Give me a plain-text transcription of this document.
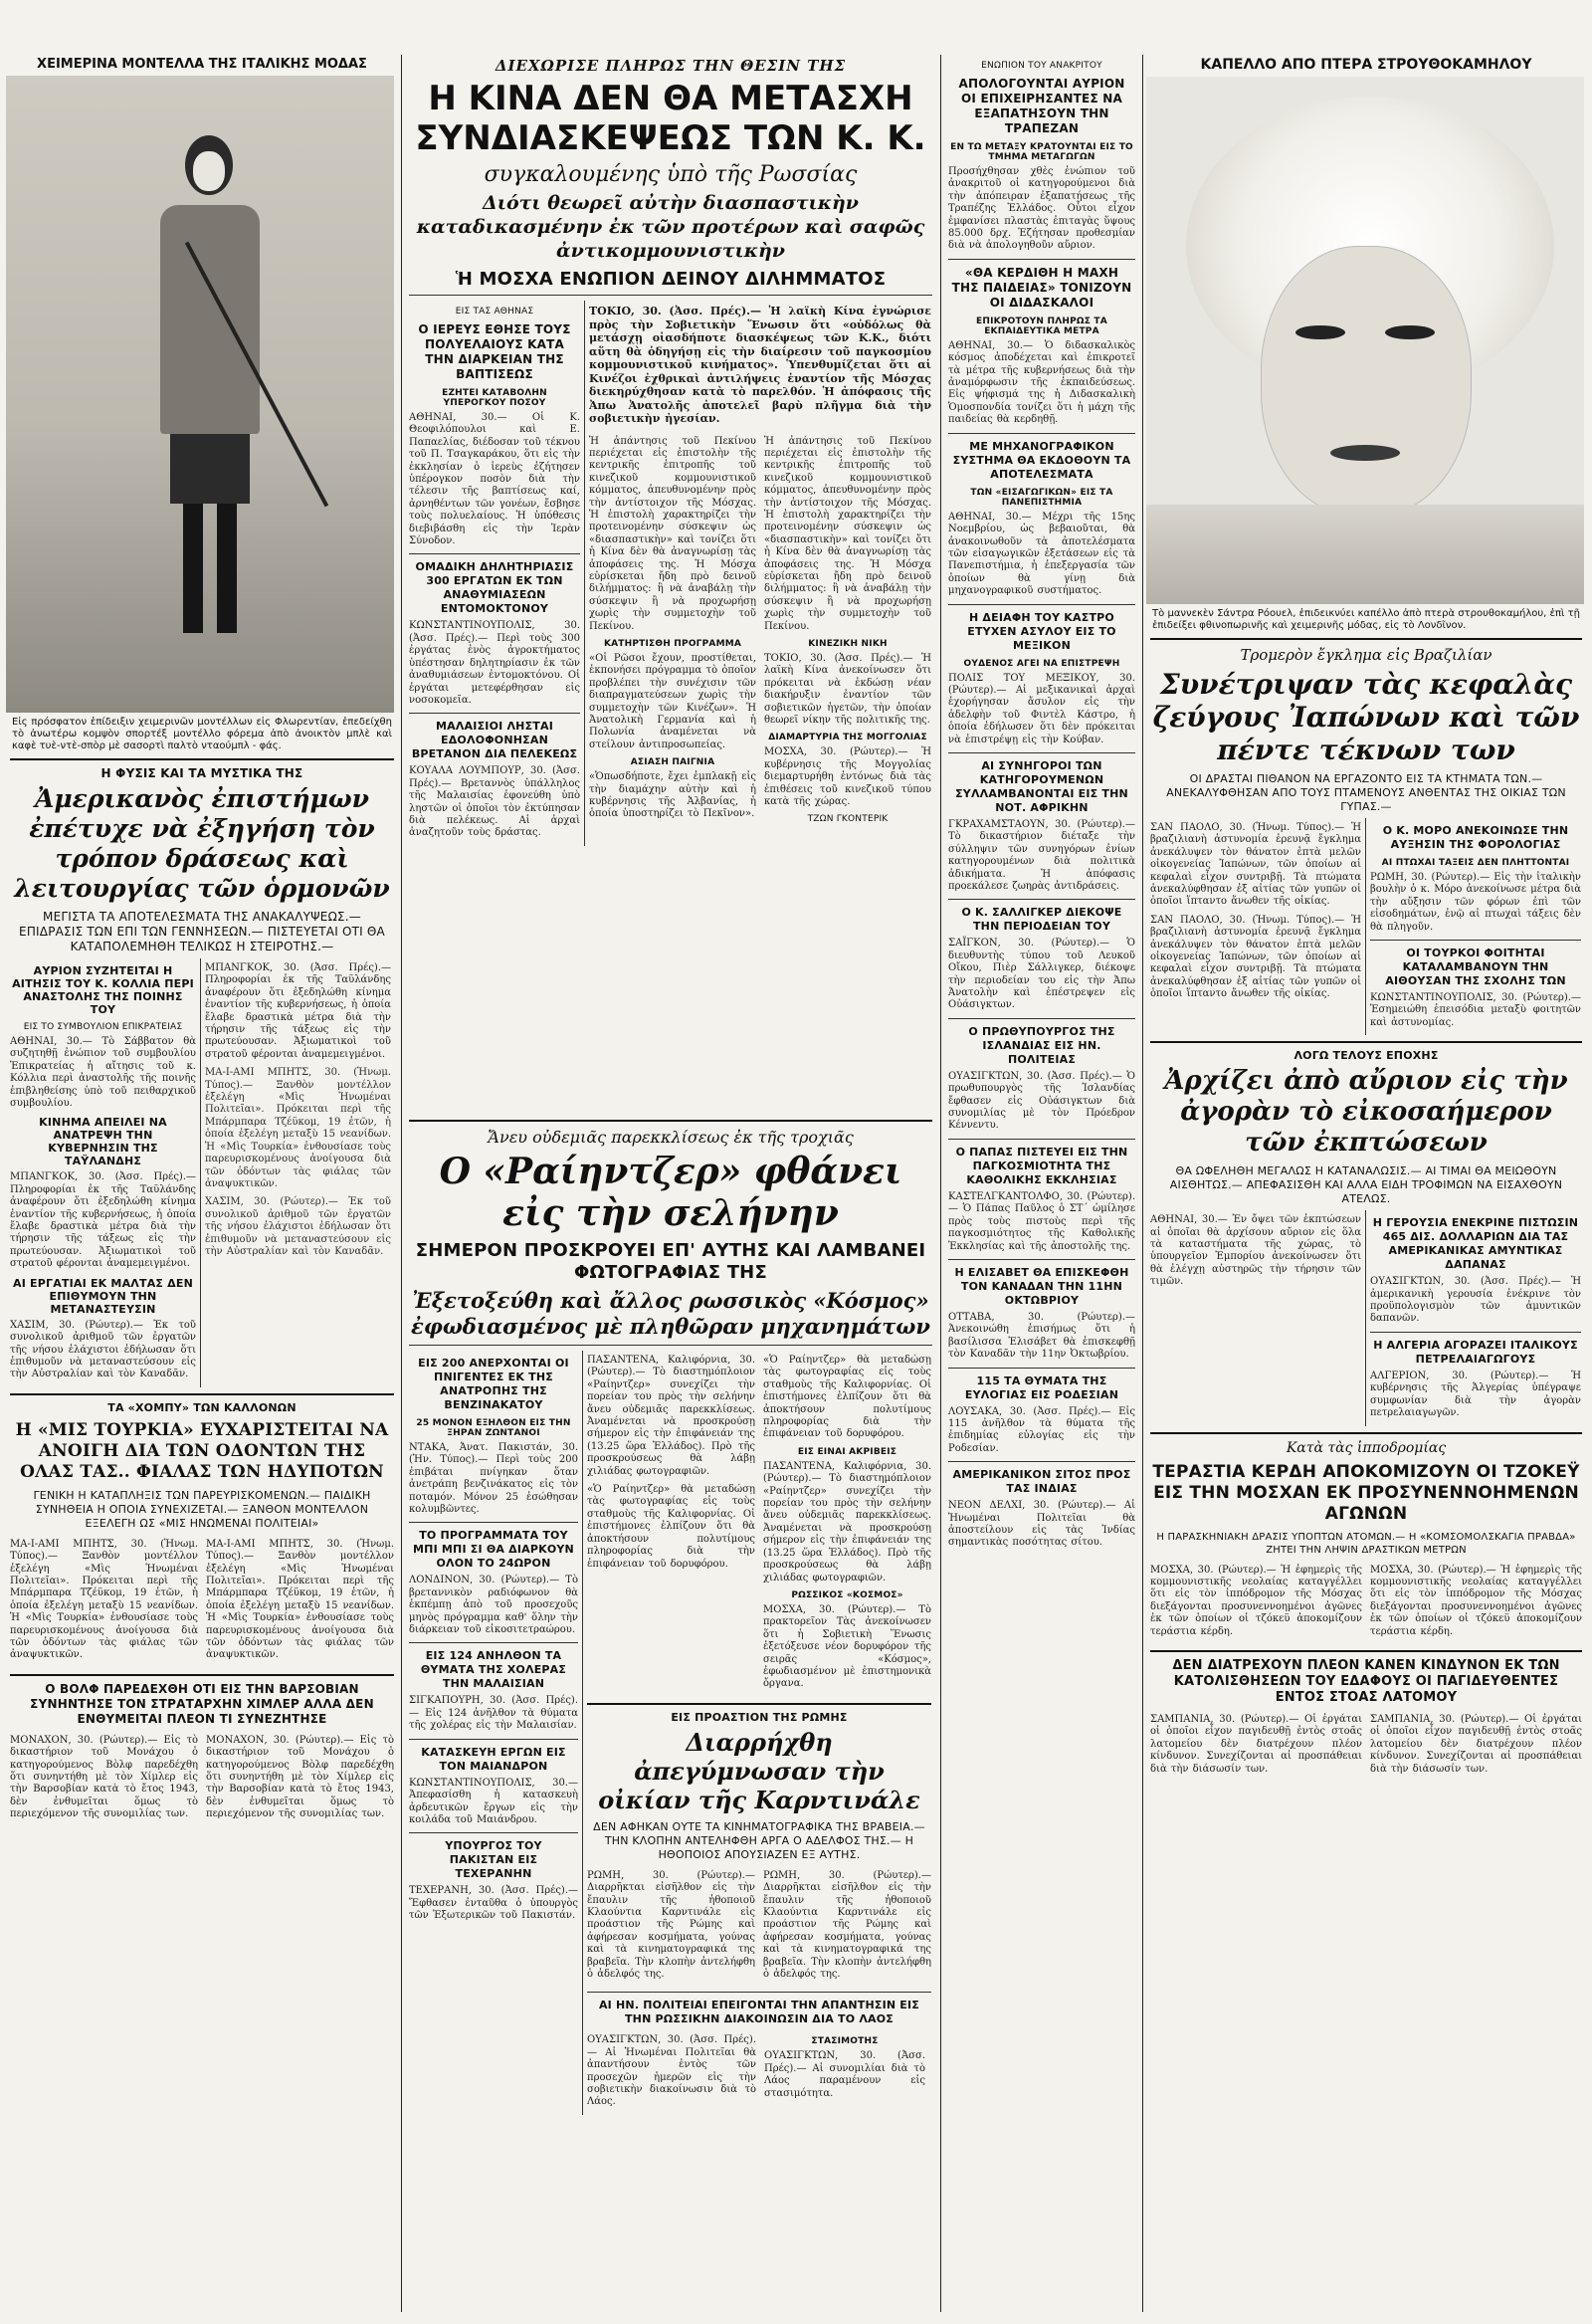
ΧΕΙΜΕΡΙΝΑ ΜΟΝΤΕΛΛΑ ΤΗΣ ΙΤΑΛΙΚΗΣ ΜΟΔΑΣ
Εἰς πρόσφατον ἐπίδειξιν χειμερινῶν μοντέλλων εἰς Φλωρεντίαν, ἐπεδείχθη τὸ ἀνωτέρω κομψὸν σπορτέξ μοντέλλο φόρεμα ἀπὸ ἀνοικτὸν μπλὲ καὶ καφὲ τυὲ-ντὲ-σπὸρ μὲ σασορτὶ παλτὸ νταούμπλ - φάς.
Η ΦΥΣΙΣ ΚΑΙ ΤΑ ΜΥΣΤΙΚΑ ΤΗΣ
Ἀμερικανὸς ἐπιστήμων ἐπέτυχε νὰ ἐξηγήση τὸν τρόπον δράσεως καὶ λειτουργίας τῶν ὁρμονῶν
ΜΕΓΙΣΤΑ ΤΑ ΑΠΟΤΕΛΕΣΜΑΤΑ ΤΗΣ ΑΝΑΚΑΛΥΨΕΩΣ.— ΕΠΙΔΡΑΣΙΣ ΤΩΝ ΕΠΙ ΤΩΝ ΓΕΝΝΗΣΕΩΝ.— ΠΙΣΤΕΥΕΤΑΙ ΟΤΙ ΘΑ ΚΑΤΑΠΟΛΕΜΗΘΗ ΤΕΛΙΚΩΣ Η ΣΤΕΙΡΟΤΗΣ.—
ΑΥΡΙΟΝ ΣΥΖΗΤΕΙΤΑΙ Η ΑΙΤΗΣΙΣ ΤΟΥ Κ. ΚΟΛΛΙΑ ΠΕΡΙ ΑΝΑΣΤΟΛΗΣ ΤΗΣ ΠΟΙΝΗΣ ΤΟΥ
ΕΙΣ ΤΟ ΣΥΜΒΟΥΛΙΟΝ ΕΠΙΚΡΑΤΕΙΑΣ

ΑΘΗΝΑΙ, 30.— Τὸ Σάββατον θὰ συζητηθῇ ἐνώπιον τοῦ συμβουλίου Ἐπικρατείας ἡ αἴτησις τοῦ κ. Κόλλια περὶ ἀναστολῆς τῆς ποινῆς ἐπιβληθείσης ὑπὸ τοῦ πειθαρχικοῦ συμβουλίου.

ΚΙΝΗΜΑ ΑΠΕΙΛΕΙ ΝΑ ΑΝΑΤΡΕΨΗ ΤΗΝ ΚΥΒΕΡΝΗΣΙΝ ΤΗΣ ΤΑΫΛΑΝΔΗΣ

ΜΠΑΝΓΚΟΚ, 30. (Ἀσσ. Πρές).— Πληροφορίαι ἐκ τῆς Ταϋλάνδης ἀναφέρουν ὅτι ἐξεδηλώθη κίνημα ἐναντίον τῆς κυβερνήσεως, ἡ ὁποία ἔλαβε δραστικὰ μέτρα διὰ τὴν τήρησιν τῆς τάξεως εἰς τὴν πρωτεύουσαν. Ἀξιωματικοὶ τοῦ στρατοῦ φέρονται ἀναμεμειγμένοι.

ΑΙ ΕΡΓΑΤΙΑΙ ΕΚ ΜΑΛΤΑΣ ΔΕΝ ΕΠΙΘΥΜΟΥΝ ΤΗΝ ΜΕΤΑΝΑΣΤΕΥΣΙΝ

ΧΑΣΙΜ, 30. (Ρώυτερ).— Ἐκ τοῦ συνολικοῦ ἀριθμοῦ τῶν ἐργατῶν τῆς νήσου ἐλάχιστοι ἐδήλωσαν ὅτι ἐπιθυμοῦν νὰ μεταναστεύσουν εἰς τὴν Αὐστραλίαν καὶ τὸν Καναδᾶν.

ΜΠΑΝΓΚΟΚ, 30. (Ἀσσ. Πρές).— Πληροφορίαι ἐκ τῆς Ταϋλάνδης ἀναφέρουν ὅτι ἐξεδηλώθη κίνημα ἐναντίον τῆς κυβερνήσεως, ἡ ὁποία ἔλαβε δραστικὰ μέτρα διὰ τὴν τήρησιν τῆς τάξεως εἰς τὴν πρωτεύουσαν. Ἀξιωματικοὶ τοῦ στρατοῦ φέρονται ἀναμεμειγμένοι.

ΜΑ-Ι-ΑΜΙ ΜΠΗΤΣ, 30. (Ἡνωμ. Τύπος).— Ξανθὸν μοντέλλον ἐξελέγη «Μὶς Ἡνωμέναι Πολιτεῖαι». Πρόκειται περὶ τῆς Μπάρμπαρα Τζέϋκομ, 19 ἐτῶν, ἡ ὁποία ἐξελέγη μεταξὺ 15 νεανίδων. Ἡ «Μὶς Τουρκία» ἐνθουσίασε τοὺς παρευρισκομένους ἀνοίγουσα διὰ τῶν ὀδόντων τὰς φιάλας τῶν ἀναψυκτικῶν.

ΧΑΣΙΜ, 30. (Ρώυτερ).— Ἐκ τοῦ συνολικοῦ ἀριθμοῦ τῶν ἐργατῶν τῆς νήσου ἐλάχιστοι ἐδήλωσαν ὅτι ἐπιθυμοῦν νὰ μεταναστεύσουν εἰς τὴν Αὐστραλίαν καὶ τὸν Καναδᾶν.

ΤΑ «ΧΟΜΠΥ» ΤΩΝ ΚΑΛΛΟΝΩΝ
Η «ΜΙΣ ΤΟΥΡΚΙΑ» ΕΥΧΑΡΙΣΤΕΙΤΑΙ ΝΑ ΑΝΟΙΓΗ ΔΙΑ ΤΩΝ ΟΔΟΝΤΩΝ ΤΗΣ ΟΛΑΣ ΤΑΣ.. ΦΙΑΛΑΣ ΤΩΝ ΗΔΥΠΟΤΩΝ
ΓΕΝΙΚΗ Η ΚΑΤΑΠΛΗΞΙΣ ΤΩΝ ΠΑΡΕΥΡΙΣΚΟΜΕΝΩΝ.— ΠΑΙΔΙΚΗ ΣΥΝΗΘΕΙΑ Η ΟΠΟΙΑ ΣΥΝΕΧΙΖΕΤΑΙ.— ΞΑΝΘΟΝ ΜΟΝΤΕΛΛΟΝ ΕΞΕΛΕΓΗ ΩΣ «ΜΙΣ ΗΝΩΜΕΝΑΙ ΠΟΛΙΤΕΙΑΙ»

ΜΑ-Ι-ΑΜΙ ΜΠΗΤΣ, 30. (Ἡνωμ. Τύπος).— Ξανθὸν μοντέλλον ἐξελέγη «Μὶς Ἡνωμέναι Πολιτεῖαι». Πρόκειται περὶ τῆς Μπάρμπαρα Τζέϋκομ, 19 ἐτῶν, ἡ ὁποία ἐξελέγη μεταξὺ 15 νεανίδων. Ἡ «Μὶς Τουρκία» ἐνθουσίασε τοὺς παρευρισκομένους ἀνοίγουσα διὰ τῶν ὀδόντων τὰς φιάλας τῶν ἀναψυκτικῶν.

ΜΑ-Ι-ΑΜΙ ΜΠΗΤΣ, 30. (Ἡνωμ. Τύπος).— Ξανθὸν μοντέλλον ἐξελέγη «Μὶς Ἡνωμέναι Πολιτεῖαι». Πρόκειται περὶ τῆς Μπάρμπαρα Τζέϋκομ, 19 ἐτῶν, ἡ ὁποία ἐξελέγη μεταξὺ 15 νεανίδων. Ἡ «Μὶς Τουρκία» ἐνθουσίασε τοὺς παρευρισκομένους ἀνοίγουσα διὰ τῶν ὀδόντων τὰς φιάλας τῶν ἀναψυκτικῶν.

Ο ΒΟΛΦ ΠΑΡΕΔΕΧΘΗ ΟΤΙ ΕΙΣ ΤΗΝ ΒΑΡΣΟΒΙΑΝ ΣΥΝΗΝΤΗΣΕ ΤΟΝ ΣΤΡΑΤΑΡΧΗΝ ΧΙΜΛΕΡ ΑΛΛΑ ΔΕΝ ΕΝΘΥΜΕΙΤΑΙ ΠΛΕΟΝ ΤΙ ΣΥΝΕΖΗΤΗΣΕ

ΜΟΝΑΧΟΝ, 30. (Ρώυτερ).— Εἰς τὸ δικαστήριον τοῦ Μονάχου ὁ κατηγορούμενος Βὸλφ παρεδέχθη ὅτι συνηντήθη μὲ τὸν Χίμλερ εἰς τὴν Βαρσοβίαν κατὰ τὸ ἔτος 1943, δὲν ἐνθυμεῖται ὅμως τὸ περιεχόμενον τῆς συνομιλίας των.

ΜΟΝΑΧΟΝ, 30. (Ρώυτερ).— Εἰς τὸ δικαστήριον τοῦ Μονάχου ὁ κατηγορούμενος Βὸλφ παρεδέχθη ὅτι συνηντήθη μὲ τὸν Χίμλερ εἰς τὴν Βαρσοβίαν κατὰ τὸ ἔτος 1943, δὲν ἐνθυμεῖται ὅμως τὸ περιεχόμενον τῆς συνομιλίας των.

ΔΙΕΧΩΡΙΣΕ ΠΛΗΡΩΣ ΤΗΝ ΘΕΣΙΝ ΤΗΣ
Η ΚΙΝΑ ΔΕΝ ΘΑ ΜΕΤΑΣΧΗ ΣΥΝΔΙΑΣΚΕΨΕΩΣ ΤΩΝ Κ. Κ.
συγκαλουμένης ὑπὸ τῆς Ρωσσίας
Διότι θεωρεῖ αὐτὴν διασπαστικὴν καταδικασμένην ἐκ τῶν προτέρων καὶ σαφῶς ἀντικομμουνιστικὴν
Ἡ ΜΟΣΧΑ ΕΝΩΠΙΟΝ ΔΕΙΝΟΥ ΔΙΛΗΜΜΑΤΟΣ
ΕΙΣ ΤΑΣ ΑΘΗΝΑΣ
Ο ΙΕΡΕΥΣ ΕΘΗΣΕ ΤΟΥΣ ΠΟΛΥΕΛΑΙΟΥΣ ΚΑΤΑ ΤΗΝ ΔΙΑΡΚΕΙΑΝ ΤΗΣ ΒΑΠΤΙΣΕΩΣ
ΕΖΗΤΕΙ ΚΑΤΑΒΟΛΗΝ ΥΠΕΡΟΓΚΟΥ ΠΟΣΟΥ

ΑΘΗΝΑΙ, 30.— Οἱ Κ. Θεοφιλόπουλοι καὶ Ε. Παπαελίας, διέδοσαν τοῦ τέκνου τοῦ Π. Τσαγκαράκου, ὅτι εἰς τὴν ἐκκλησίαν ὁ ἱερεὺς ἐζήτησεν ὑπέρογκον ποσὸν διὰ τὴν τέλεσιν τῆς βαπτίσεως καί, ἀρνηθέντων τῶν γονέων, ἔσβησε τοὺς πολυελαίους. Ἡ ὑπόθεσις διεβιβάσθη εἰς τὴν Ἱερὰν Σύνοδον.

ΟΜΑΔΙΚΗ ΔΗΛΗΤΗΡΙΑΣΙΣ 300 ΕΡΓΑΤΩΝ ΕΚ ΤΩΝ ΑΝΑΘΥΜΙΑΣΕΩΝ ΕΝΤΟΜΟΚΤΟΝΟΥ

ΚΩΝΣΤΑΝΤΙΝΟΥΠΟΛΙΣ, 30. (Ἀσσ. Πρές).— Περὶ τοὺς 300 ἐργάτας ἐνὸς ἀγροκτήματος ὑπέστησαν δηλητηρίασιν ἐκ τῶν ἀναθυμιάσεων ἐντομοκτόνου. Οἱ ἐργάται μετεφέρθησαν εἰς νοσοκομεῖα.

ΜΑΛΑΙΣΙΟΙ ΛΗΣΤΑΙ ΕΔΟΛΟΦΟΝΗΣΑΝ ΒΡΕΤΑΝΟΝ ΔΙΑ ΠΕΛΕΚΕΩΣ

ΚΟΥΑΛΑ ΛΟΥΜΠΟΥΡ, 30. (Ἀσσ. Πρές).— Βρεταννὸς ὑπάλληλος τῆς Μαλαισίας ἐφονεύθη ὑπὸ ληστῶν οἱ ὁποῖοι τὸν ἐκτύπησαν διὰ πελέκεως. Αἱ ἀρχαὶ ἀναζητοῦν τοὺς δράστας.

ΤΟΚΙΟ, 30. (Ἀσσ. Πρές).— Ἡ λαϊκὴ Κίνα ἐγνώρισε πρὸς τὴν Σοβιετικὴν Ἕνωσιν ὅτι «οὐδόλως θὰ μετάσχῃ οἱασδήποτε διασκέψεως τῶν Κ.Κ., διότι αὕτη θὰ ὁδηγήσῃ εἰς τὴν διαίρεσιν τοῦ παγκοσμίου κομμουνιστικοῦ κινήματος». Ὑπενθυμίζεται ὅτι αἱ Κινέζοι ἐχθρικαὶ ἀντιλήψεις ἐναντίον τῆς Μόσχας διεκηρύχθησαν κατὰ τὸ παρελθόν. Ἡ ἀπόφασις τῆς Ἀπω Ἀνατολῆς ἀποτελεῖ βαρὺ πλῆγμα διὰ τὴν σοβιετικὴν ἡγεσίαν.

Ἡ ἀπάντησις τοῦ Πεκίνου περιέχεται εἰς ἐπιστολὴν τῆς κεντρικῆς ἐπιτροπῆς τοῦ κινεζικοῦ κομμουνιστικοῦ κόμματος, ἀπευθυνομένην πρὸς τὴν ἀντίστοιχον τῆς Μόσχας. Ἡ ἐπιστολὴ χαρακτηρίζει τὴν προτεινομένην σύσκεψιν ὡς «διασπαστικὴν» καὶ τονίζει ὅτι ἡ Κίνα δὲν θὰ ἀναγνωρίσῃ τὰς ἀποφάσεις της. Ἡ Μόσχα εὑρίσκεται ἤδη πρὸ δεινοῦ διλήμματος: ἢ νὰ ἀναβάλῃ τὴν σύσκεψιν ἢ νὰ προχωρήσῃ χωρὶς τὴν συμμετοχὴν τοῦ Πεκίνου.

ΚΑΤΗΡΤΙΣΘΗ ΠΡΟΓΡΑΜΜΑ

«Οἱ Ρῶσοι ἔχουν, προστίθεται, ἐκπονήσει πρόγραμμα τὸ ὁποῖον προβλέπει τὴν συνέχισιν τῶν διαπραγματεύσεων χωρὶς τὴν συμμετοχὴν τῶν Κινέζων». Ἡ Ἀνατολικὴ Γερμανία καὶ ἡ Πολωνία ἀναμένεται νὰ στείλουν ἀντιπροσωπείας.

ΑΣΙΑΣΗ ΠΑΙΓΝΙΑ

«Ὁπωσδήποτε, ἔχει ἐμπλακῇ εἰς τὴν διαμάχην αὐτὴν καὶ ἡ κυβέρνησις τῆς Ἀλβανίας, ἡ ὁποία ὑποστηρίζει τὸ Πεκῖνον».

Ἡ ἀπάντησις τοῦ Πεκίνου περιέχεται εἰς ἐπιστολὴν τῆς κεντρικῆς ἐπιτροπῆς τοῦ κινεζικοῦ κομμουνιστικοῦ κόμματος, ἀπευθυνομένην πρὸς τὴν ἀντίστοιχον τῆς Μόσχας. Ἡ ἐπιστολὴ χαρακτηρίζει τὴν προτεινομένην σύσκεψιν ὡς «διασπαστικὴν» καὶ τονίζει ὅτι ἡ Κίνα δὲν θὰ ἀναγνωρίσῃ τὰς ἀποφάσεις της. Ἡ Μόσχα εὑρίσκεται ἤδη πρὸ δεινοῦ διλήμματος: ἢ νὰ ἀναβάλῃ τὴν σύσκεψιν ἢ νὰ προχωρήσῃ χωρὶς τὴν συμμετοχὴν τοῦ Πεκίνου.

ΚΙΝΕΖΙΚΗ ΝΙΚΗ

ΤΟΚΙΟ, 30. (Ἀσσ. Πρές).— Ἡ λαϊκὴ Κίνα ἀνεκοίνωσεν ὅτι πρόκειται νὰ ἐκδώσῃ νέαν διακήρυξιν ἐναντίον τῶν σοβιετικῶν ἡγετῶν, τὴν ὁποίαν θεωρεῖ νίκην τῆς πολιτικῆς της.

ΔΙΑΜΑΡΤΥΡΙΑ ΤΗΣ ΜΟΓΓΟΛΙΑΣ

ΜΟΣΧΑ, 30. (Ρώυτερ).— Ἡ κυβέρνησις τῆς Μογγολίας διεμαρτυρήθη ἐντόνως διὰ τὰς ἐπιθέσεις τοῦ κινεζικοῦ τύπου κατὰ τῆς χώρας.

ΤΖΩΝ ΓΚΟΝΤΕΡΙΚ
ΕΝΩΠΙΟΝ ΤΟΥ ΑΝΑΚΡΙΤΟΥ
ΑΠΟΛΟΓΟΥΝΤΑΙ ΑΥΡΙΟΝ ΟΙ ΕΠΙΧΕΙΡΗΣΑΝΤΕΣ ΝΑ ΕΞΑΠΑΤΗΣΟΥΝ ΤΗΝ ΤΡΑΠΕΖΑΝ
ΕΝ ΤΩ ΜΕΤΑΞΥ ΚΡΑΤΟΥΝΤΑΙ ΕΙΣ ΤΟ ΤΜΗΜΑ ΜΕΤΑΓΩΓΩΝ

Προσήχθησαν χθὲς ἐνώπιον τοῦ ἀνακριτοῦ οἱ κατηγορούμενοι διὰ τὴν ἀπόπειραν ἐξαπατήσεως τῆς Τραπέζης Ἑλλάδος. Οὗτοι εἶχον ἐμφανίσει πλαστὰς ἐπιταγὰς ὕψους 85.000 δρχ. Ἐζήτησαν προθεσμίαν διὰ νὰ ἀπολογηθοῦν αὔριον.

«ΘΑ ΚΕΡΔΙΘΗ Η ΜΑΧΗ ΤΗΣ ΠΑΙΔΕΙΑΣ» ΤΟΝΙΖΟΥΝ ΟΙ ΔΙΔΑΣΚΑΛΟΙ
ΕΠΙΚΡΟΤΟΥΝ ΠΛΗΡΩΣ ΤΑ ΕΚΠΑΙΔΕΥΤΙΚΑ ΜΕΤΡΑ

ΑΘΗΝΑΙ, 30.— Ὁ διδασκαλικὸς κόσμος ἀποδέχεται καὶ ἐπικροτεῖ τὰ μέτρα τῆς κυβερνήσεως διὰ τὴν ἀναμόρφωσιν τῆς ἐκπαιδεύσεως. Εἰς ψήφισμά της ἡ Διδασκαλικὴ Ὁμοσπονδία τονίζει ὅτι ἡ μάχη τῆς παιδείας θὰ κερδηθῇ.

ΜΕ ΜΗΧΑΝΟΓΡΑΦΙΚΟΝ ΣΥΣΤΗΜΑ ΘΑ ΕΚΔΟΘΟΥΝ ΤΑ ΑΠΟΤΕΛΕΣΜΑΤΑ
ΤΩΝ «ΕΙΣΑΓΩΓΙΚΩΝ» ΕΙΣ ΤΑ ΠΑΝΕΠΙΣΤΗΜΙΑ

ΑΘΗΝΑΙ, 30.— Μέχρι τῆς 15ης Νοεμβρίου, ὡς βεβαιοῦται, θὰ ἀνακοινωθοῦν τὰ ἀποτελέσματα τῶν εἰσαγωγικῶν ἐξετάσεων εἰς τὰ Πανεπιστήμια, ἡ ἐπεξεργασία τῶν ὁποίων θὰ γίνῃ διὰ μηχανογραφικοῦ συστήματος.

Η ΔΕΙΑΦΗ ΤΟΥ ΚΑΣΤΡΟ ΕΤΥΧΕΝ ΑΣΥΛΟΥ ΕΙΣ ΤΟ ΜΕΞΙΚΟΝ
ΟΥΔΕΝΟΣ ΑΓΕΙ ΝΑ ΕΠΙΣΤΡΕΨΗ

ΠΟΛΙΣ ΤΟΥ ΜΕΞΙΚΟΥ, 30. (Ρώυτερ).— Αἱ μεξικανικαὶ ἀρχαὶ ἐχορήγησαν ἄσυλον εἰς τὴν ἀδελφὴν τοῦ Φιντὲλ Κάστρο, ἡ ὁποία ἐδήλωσεν ὅτι δὲν πρόκειται νὰ ἐπιστρέψῃ εἰς τὴν Κούβαν.

ΑΙ ΣΥΝΗΓΟΡΟΙ ΤΩΝ ΚΑΤΗΓΟΡΟΥΜΕΝΩΝ ΣΥΛΛΑΜΒΑΝΟΝΤΑΙ ΕΙΣ ΤΗΝ ΝΟΤ. ΑΦΡΙΚΗΝ

ΓΚΡΑΧΑΜΣΤΑΟΥΝ, 30. (Ρώυτερ).— Τὸ δικαστήριον διέταξε τὴν σύλληψιν τῶν συνηγόρων ἐνίων κατηγορουμένων διὰ πολιτικὰ ἀδικήματα. Ἡ ἀπόφασις προεκάλεσε ζωηρὰς ἀντιδράσεις.

Ο Κ. ΣΑΛΛΙΓΚΕΡ ΔΙΕΚΟΨΕ ΤΗΝ ΠΕΡΙΟΔΕΙΑΝ ΤΟΥ

ΣΑΪΓΚΟΝ, 30. (Ρώυτερ).— Ὁ διευθυντὴς τύπου τοῦ Λευκοῦ Οἴκου, Πιὲρ Σάλλιγκερ, διέκοψε τὴν περιοδείαν του εἰς τὴν Ἀπω Ἀνατολὴν καὶ ἐπέστρεψεν εἰς Οὐάσιγκτων.

Ο ΠΡΩΘΥΠΟΥΡΓΟΣ ΤΗΣ ΙΣΛΑΝΔΙΑΣ ΕΙΣ ΗΝ. ΠΟΛΙΤΕΙΑΣ

ΟΥΑΣΙΓΚΤΩΝ, 30. (Ἀσσ. Πρές).— Ὁ πρωθυπουργὸς τῆς Ἰσλανδίας ἔφθασεν εἰς Οὐάσιγκτων διὰ συνομιλίας μὲ τὸν Πρόεδρον Κέννεντυ.

Ο ΠΑΠΑΣ ΠΙΣΤΕΥΕΙ ΕΙΣ ΤΗΝ ΠΑΓΚΟΣΜΙΟΤΗΤΑ ΤΗΣ ΚΑΘΟΛΙΚΗΣ ΕΚΚΛΗΣΙΑΣ

ΚΑΣΤΕΛΓΚΑΝΤΟΛΦΟ, 30. (Ρώυτερ).— Ὁ Πάπας Παῦλος ὁ ΣΤ΄ ὡμίλησε πρὸς τοὺς πιστοὺς περὶ τῆς παγκοσμιότητος τῆς Καθολικῆς Ἐκκλησίας καὶ τῆς ἀποστολῆς της.

Η ΕΛΙΣΑΒΕΤ ΘΑ ΕΠΙΣΚΕΦΘΗ ΤΟΝ ΚΑΝΑΔΑΝ ΤΗΝ 11ΗΝ ΟΚΤΩΒΡΙΟΥ

ΟΤΤΑΒΑ, 30. (Ρώυτερ).— Ἀνεκοινώθη ἐπισήμως ὅτι ἡ βασίλισσα Ἐλισάβετ θὰ ἐπισκεφθῇ τὸν Καναδᾶν τὴν 11ην Ὀκτωβρίου.

115 ΤΑ ΘΥΜΑΤΑ ΤΗΣ ΕΥΛΟΓΙΑΣ ΕΙΣ ΡΟΔΕΣΙΑΝ

ΛΟΥΣΑΚΑ, 30. (Ἀσσ. Πρές).— Εἰς 115 ἀνῆλθον τὰ θύματα τῆς ἐπιδημίας εὐλογίας εἰς τὴν Ροδεσίαν.

ΑΜΕΡΙΚΑΝΙΚΟΝ ΣΙΤΟΣ ΠΡΟΣ ΤΑΣ ΙΝΔΙΑΣ

ΝΕΟΝ ΔΕΛΧΙ, 30. (Ρώυτερ).— Αἱ Ἡνωμέναι Πολιτεῖαι θὰ ἀποστείλουν εἰς τὰς Ἰνδίας σημαντικὰς ποσότητας σίτου.

Ἄνευ οὐδεμιᾶς παρεκκλίσεως ἐκ τῆς τροχιᾶς
Ο «Ραίηντζερ» φθάνει εἰς τὴν σελήνην
ΣΗΜΕΡΟΝ ΠΡΟΣΚΡΟΥΕΙ ΕΠ' ΑΥΤΗΣ ΚΑΙ ΛΑΜΒΑΝΕΙ ΦΩΤΟΓΡΑΦΙΑΣ ΤΗΣ
Ἐξετοξεύθη καὶ ἄλλος ρωσσικὸς «Κόσμος» ἐφωδιασμένος μὲ πληθῶραν μηχανημάτων
ΕΙΣ 200 ΑΝΕΡΧΟΝΤΑΙ ΟΙ ΠΝΙΓΕΝΤΕΣ ΕΚ ΤΗΣ ΑΝΑΤΡΟΠΗΣ ΤΗΣ ΒΕΝΖΙΝΑΚΑΤΟΥ
25 ΜΟΝΟΝ ΕΞΗΛΘΟΝ ΕΙΣ ΤΗΝ ΞΗΡΑΝ ΖΩΝΤΑΝΟΙ

ΝΤΑΚΑ, Ἀνατ. Πακιστάν, 30. (Ἡν. Τύπος).— Περὶ τοὺς 200 ἐπιβάται πνίγηκαν ὅταν ἀνετράπη βενζινάκατος εἰς τὸν ποταμόν. Μόνον 25 ἐσώθησαν κολυμβῶντες.

ΤΟ ΠΡΟΓΡΑΜΜΑΤΑ ΤΟΥ ΜΠΙ ΜΠΙ ΣΙ ΘΑ ΔΙΑΡΚΟΥΝ ΟΛΟΝ ΤΟ 24ΩΡΟΝ

ΛΟΝΔΙΝΟΝ, 30. (Ρώυτερ).— Τὸ βρεταννικὸν ραδιόφωνον θὰ ἐκπέμπῃ ἀπὸ τοῦ προσεχοῦς μηνὸς πρόγραμμα καθ' ὅλην τὴν διάρκειαν τοῦ εἰκοσιτετραώρου.

ΕΙΣ 124 ΑΝΗΛΘΟΝ ΤΑ ΘΥΜΑΤΑ ΤΗΣ ΧΟΛΕΡΑΣ ΤΗΝ ΜΑΛΑΙΣΙΑΝ

ΣΙΓΚΑΠΟΥΡΗ, 30. (Ἀσσ. Πρές).— Εἰς 124 ἀνῆλθον τὰ θύματα τῆς χολέρας εἰς τὴν Μαλαισίαν.

ΚΑΤΑΣΚΕΥΗ ΕΡΓΩΝ ΕΙΣ ΤΟΝ ΜΑΙΑΝΔΡΟΝ

ΚΩΝΣΤΑΝΤΙΝΟΥΠΟΛΙΣ, 30.— Ἀπεφασίσθη ἡ κατασκευὴ ἀρδευτικῶν ἔργων εἰς τὴν κοιλάδα τοῦ Μαιάνδρου.

ΥΠΟΥΡΓΟΣ ΤΟΥ ΠΑΚΙΣΤΑΝ ΕΙΣ ΤΕΧΕΡΑΝΗΝ

ΤΕΧΕΡΑΝΗ, 30. (Ἀσσ. Πρές).— Ἔφθασεν ἐνταῦθα ὁ ὑπουργὸς τῶν Ἐξωτερικῶν τοῦ Πακιστάν.

ΠΑΣΑΝΤΕΝΑ, Καλιφόρνια, 30. (Ρώυτερ).— Τὸ διαστημόπλοιον «Ραίηντζερ» συνεχίζει τὴν πορείαν του πρὸς τὴν σελήνην ἄνευ οὐδεμιᾶς παρεκκλίσεως. Ἀναμένεται νὰ προσκρούσῃ σήμερον εἰς τὴν ἐπιφάνειάν της (13.25 ὥρα Ἑλλάδος). Πρὸ τῆς προσκρούσεως θὰ λάβῃ χιλιάδας φωτογραφιῶν.

«Ὁ Ραίηντζερ» θὰ μεταδώσῃ τὰς φωτογραφίας εἰς τοὺς σταθμοὺς τῆς Καλιφορνίας. Οἱ ἐπιστήμονες ἐλπίζουν ὅτι θὰ ἀποκτήσουν πολυτίμους πληροφορίας διὰ τὴν ἐπιφάνειαν τοῦ δορυφόρου.

«Ὁ Ραίηντζερ» θὰ μεταδώσῃ τὰς φωτογραφίας εἰς τοὺς σταθμοὺς τῆς Καλιφορνίας. Οἱ ἐπιστήμονες ἐλπίζουν ὅτι θὰ ἀποκτήσουν πολυτίμους πληροφορίας διὰ τὴν ἐπιφάνειαν τοῦ δορυφόρου.

ΕΙΣ ΕΙΝΑΙ ΑΚΡΙΒΕΙΣ

ΠΑΣΑΝΤΕΝΑ, Καλιφόρνια, 30. (Ρώυτερ).— Τὸ διαστημόπλοιον «Ραίηντζερ» συνεχίζει τὴν πορείαν του πρὸς τὴν σελήνην ἄνευ οὐδεμιᾶς παρεκκλίσεως. Ἀναμένεται νὰ προσκρούσῃ σήμερον εἰς τὴν ἐπιφάνειάν της (13.25 ὥρα Ἑλλάδος). Πρὸ τῆς προσκρούσεως θὰ λάβῃ χιλιάδας φωτογραφιῶν.

ΡΩΣΣΙΚΟΣ «ΚΟΣΜΟΣ»

ΜΟΣΧΑ, 30. (Ρώυτερ).— Τὸ πρακτορεῖον Τὰς ἀνεκοίνωσεν ὅτι ἡ Σοβιετικὴ Ἕνωσις ἐξετόξευσε νέον δορυφόρον τῆς σειρᾶς «Κόσμος», ἐφωδιασμένον μὲ ἐπιστημονικὰ ὄργανα.

ΕΙΣ ΠΡΟΑΣΤΙΟΝ ΤΗΣ ΡΩΜΗΣ
Διαρρήχθη ἀπεγύμνωσαν τὴν οἰκίαν τῆς Καρντινάλε
ΔΕΝ ΑΦΗΚΑΝ ΟΥΤΕ ΤΑ ΚΙΝΗΜΑΤΟΓΡΑΦΙΚΑ ΤΗΣ ΒΡΑΒΕΙΑ.— ΤΗΝ ΚΛΟΠΗΝ ΑΝΤΕΛΗΦΘΗ ΑΡΓΑ Ο ΑΔΕΛΦΟΣ ΤΗΣ.— Η ΗΘΟΠΟΙΟΣ ΑΠΟΥΣΙΑΖΕΝ ΕΞ ΑΥΤΗΣ.

ΡΩΜΗ, 30. (Ρώυτερ).— Διαρρῆκται εἰσῆλθον εἰς τὴν ἔπαυλιν τῆς ἠθοποιοῦ Κλαούντια Καρντινάλε εἰς προάστιον τῆς Ρώμης καὶ ἀφήρεσαν κοσμήματα, γούνας καὶ τὰ κινηματογραφικά της βραβεῖα. Τὴν κλοπὴν ἀντελήφθη ὁ ἀδελφός της.

ΡΩΜΗ, 30. (Ρώυτερ).— Διαρρῆκται εἰσῆλθον εἰς τὴν ἔπαυλιν τῆς ἠθοποιοῦ Κλαούντια Καρντινάλε εἰς προάστιον τῆς Ρώμης καὶ ἀφήρεσαν κοσμήματα, γούνας καὶ τὰ κινηματογραφικά της βραβεῖα. Τὴν κλοπὴν ἀντελήφθη ὁ ἀδελφός της.

ΑΙ ΗΝ. ΠΟΛΙΤΕΙΑΙ ΕΠΕΙΓΟΝΤΑΙ ΤΗΝ ΑΠΑΝΤΗΣΙΝ ΕΙΣ ΤΗΝ ΡΩΣΣΙΚΗΝ ΔΙΑΚΟΙΝΩΣΙΝ ΔΙΑ ΤΟ ΛΑΟΣ

ΟΥΑΣΙΓΚΤΩΝ, 30. (Ἀσσ. Πρές).— Αἱ Ἡνωμέναι Πολιτεῖαι θὰ ἀπαντήσουν ἐντὸς τῶν προσεχῶν ἡμερῶν εἰς τὴν σοβιετικὴν διακοίνωσιν διὰ τὸ Λάος.

ΣΤΑΣΙΜΟΤΗΣ

ΟΥΑΣΙΓΚΤΩΝ, 30. (Ἀσσ. Πρές).— Αἱ συνομιλίαι διὰ τὸ Λάος παραμένουν εἰς στασιμότητα.

ΚΑΠΕΛΛΟ ΑΠΟ ΠΤΕΡΑ ΣΤΡΟΥΘΟΚΑΜΗΛΟΥ
Τὸ μαννεκὲν Σάντρα Ρόουελ, ἐπιδεικνύει καπέλλο ἀπὸ πτερὰ στρουθοκαμήλου, ἐπὶ τῇ ἐπιδείξει φθινοπωρινῆς καὶ χειμερινῆς μόδας, εἰς τὸ Λονδῖνον.
Τρομερὸν ἔγκλημα εἰς Βραζιλίαν
Συνέτριψαν τὰς κεφαλὰς ζεύγους Ἰαπώνων καὶ τῶν πέντε τέκνων των
ΟΙ ΔΡΑΣΤΑΙ ΠΙΘΑΝΟΝ ΝΑ ΕΡΓΑΖΟΝΤΟ ΕΙΣ ΤΑ ΚΤΗΜΑΤΑ ΤΩΝ.— ΑΝΕΚΑΛΥΦΘΗΣΑΝ ΑΠΟ ΤΟΥΣ ΠΤΑΜΕΝΟΥΣ ΑΝΘΕΝΤΑΣ ΤΗΣ ΟΙΚΙΑΣ ΤΩΝ ΓΥΠΑΣ.—

ΣΑΝ ΠΑΟΛΟ, 30. (Ἡνωμ. Τύπος).— Ἡ βραζιλιανὴ ἀστυνομία ἐρευνᾷ ἔγκλημα ἀνεκάλυψεν τὸν θάνατον ἑπτὰ μελῶν οἰκογενείας Ἰαπώνων, τῶν ὁποίων αἱ κεφαλαὶ εἶχον συντριβῇ. Τὰ πτώματα ἀνεκαλύφθησαν ἐξ αἰτίας τῶν γυπῶν οἱ ὁποῖοι ἵπταντο ἄνωθεν τῆς οἰκίας.

ΣΑΝ ΠΑΟΛΟ, 30. (Ἡνωμ. Τύπος).— Ἡ βραζιλιανὴ ἀστυνομία ἐρευνᾷ ἔγκλημα ἀνεκάλυψεν τὸν θάνατον ἑπτὰ μελῶν οἰκογενείας Ἰαπώνων, τῶν ὁποίων αἱ κεφαλαὶ εἶχον συντριβῇ. Τὰ πτώματα ἀνεκαλύφθησαν ἐξ αἰτίας τῶν γυπῶν οἱ ὁποῖοι ἵπταντο ἄνωθεν τῆς οἰκίας.

Ο Κ. ΜΟΡΟ ΑΝΕΚΟΙΝΩΣΕ ΤΗΝ ΑΥΞΗΣΙΝ ΤΗΣ ΦΟΡΟΛΟΓΙΑΣ
ΑΙ ΠΤΩΧΑΙ ΤΑΞΕΙΣ ΔΕΝ ΠΛΗΤΤΟΝΤΑΙ

ΡΩΜΗ, 30. (Ρώυτερ).— Εἰς τὴν ἰταλικὴν βουλὴν ὁ κ. Μόρο ἀνεκοίνωσε μέτρα διὰ τὴν αὔξησιν τῶν φόρων ἐπὶ τῶν εἰσοδημάτων, ἐνῷ αἱ πτωχαὶ τάξεις δὲν θὰ πληγοῦν.

ΟΙ ΤΟΥΡΚΟΙ ΦΟΙΤΗΤΑΙ ΚΑΤΑΛΑΜΒΑΝΟΥΝ ΤΗΝ ΑΙΘΟΥΣΑΝ ΤΗΣ ΣΧΟΛΗΣ ΤΩΝ

ΚΩΝΣΤΑΝΤΙΝΟΥΠΟΛΙΣ, 30. (Ρώυτερ).— Ἐσημειώθη ἐπεισόδια μεταξὺ φοιτητῶν καὶ ἀστυνομίας.

ΛΟΓΩ ΤΕΛΟΥΣ ΕΠΟΧΗΣ
Ἀρχίζει ἀπὸ αὔριον εἰς τὴν ἀγορὰν τὸ εἰκοσαήμερον τῶν ἐκπτώσεων
ΘΑ ΩΦΕΛΗΘΗ ΜΕΓΑΛΩΣ Η ΚΑΤΑΝΑΛΩΣΙΣ.— ΑΙ ΤΙΜΑΙ ΘΑ ΜΕΙΩΘΟΥΝ ΑΙΣΘΗΤΩΣ.— ΑΠΕΦΑΣΙΣΘΗ ΚΑΙ ΑΛΛΑ ΕΙΔΗ ΤΡΟΦΙΜΩΝ ΝΑ ΕΙΣΑΧΘΟΥΝ ΑΤΕΛΩΣ.

ΑΘΗΝΑΙ, 30.— Ἐν ὄψει τῶν ἐκπτώσεων αἱ ὁποῖαι θὰ ἀρχίσουν αὔριον εἰς ὅλα τὰ καταστήματα τῆς χώρας, τὸ ὑπουργεῖον Ἐμπορίου ἀνεκοίνωσεν ὅτι θὰ ἐλέγχῃ αὐστηρῶς τὴν τήρησιν τῶν τιμῶν.

Η ΓΕΡΟΥΣΙΑ ΕΝΕΚΡΙΝΕ ΠΙΣΤΩΣΙΝ 465 ΔΙΣ. ΔΟΛΛΑΡΙΩΝ ΔΙΑ ΤΑΣ ΑΜΕΡΙΚΑΝΙΚΑΣ ΑΜΥΝΤΙΚΑΣ ΔΑΠΑΝΑΣ

ΟΥΑΣΙΓΚΤΩΝ, 30. (Ἀσσ. Πρές).— Ἡ ἀμερικανικὴ γερουσία ἐνέκρινε τὸν προϋπολογισμὸν τῶν ἀμυντικῶν δαπανῶν.

Η ΑΛΓΕΡΙΑ ΑΓΟΡΑΖΕΙ ΙΤΑΛΙΚΟΥΣ ΠΕΤΡΕΛΑΙΑΓΩΓΟΥΣ

ΑΛΓΕΡΙΟΝ, 30. (Ρώυτερ).— Ἡ κυβέρνησις τῆς Ἀλγερίας ὑπέγραψε συμφωνίαν διὰ τὴν ἀγορὰν πετρελαιαγωγῶν.

Κατὰ τὰς ἱπποδρομίας
ΤΕΡΑΣΤΙΑ ΚΕΡΔΗ ΑΠΟΚΟΜΙΖΟΥΝ ΟΙ ΤΖΟΚΕΫ ΕΙΣ ΤΗΝ ΜΟΣΧΑΝ ΕΚ ΠΡΟΣΥΝΕΝΝΟΗΜΕΝΩΝ ΑΓΩΝΩΝ
Η ΠΑΡΑΣΚΗΝΙΑΚΗ ΔΡΑΣΙΣ ΥΠΟΠΤΩΝ ΑΤΟΜΩΝ.— Η «ΚΟΜΣΟΜΟΛΣΚΑΓΙΑ ΠΡΑΒΔΑ» ΖΗΤΕΙ ΤΗΝ ΛΗΨΙΝ ΔΡΑΣΤΙΚΩΝ ΜΕΤΡΩΝ

ΜΟΣΧΑ, 30. (Ρώυτερ).— Ἡ ἐφημερὶς τῆς κομμουνιστικῆς νεολαίας καταγγέλλει ὅτι εἰς τὸν ἱππόδρομον τῆς Μόσχας διεξάγονται προσυνεννοημένοι ἀγῶνες ἐκ τῶν ὁποίων οἱ τζόκεϋ ἀποκομίζουν τεράστια κέρδη.

ΜΟΣΧΑ, 30. (Ρώυτερ).— Ἡ ἐφημερὶς τῆς κομμουνιστικῆς νεολαίας καταγγέλλει ὅτι εἰς τὸν ἱππόδρομον τῆς Μόσχας διεξάγονται προσυνεννοημένοι ἀγῶνες ἐκ τῶν ὁποίων οἱ τζόκεϋ ἀποκομίζουν τεράστια κέρδη.

ΔΕΝ ΔΙΑΤΡΕΧΟΥΝ ΠΛΕΟΝ ΚΑΝΕΝ ΚΙΝΔΥΝΟΝ ΕΚ ΤΩΝ ΚΑΤΟΛΙΣΘΗΣΕΩΝ ΤΟΥ ΕΔΑΦΟΥΣ ΟΙ ΠΑΓΙΔΕΥΘΕΝΤΕΣ ΕΝΤΟΣ ΣΤΟΑΣ ΛΑΤΟΜΟΥ

ΣΑΜΠΑΝΙΑ, 30. (Ρώυτερ).— Οἱ ἐργάται οἱ ὁποῖοι εἶχον παγιδευθῇ ἐντὸς στοᾶς λατομείου δὲν διατρέχουν πλέον κίνδυνον. Συνεχίζονται αἱ προσπάθειαι διὰ τὴν διάσωσίν των.

ΣΑΜΠΑΝΙΑ, 30. (Ρώυτερ).— Οἱ ἐργάται οἱ ὁποῖοι εἶχον παγιδευθῇ ἐντὸς στοᾶς λατομείου δὲν διατρέχουν πλέον κίνδυνον. Συνεχίζονται αἱ προσπάθειαι διὰ τὴν διάσωσίν των.
